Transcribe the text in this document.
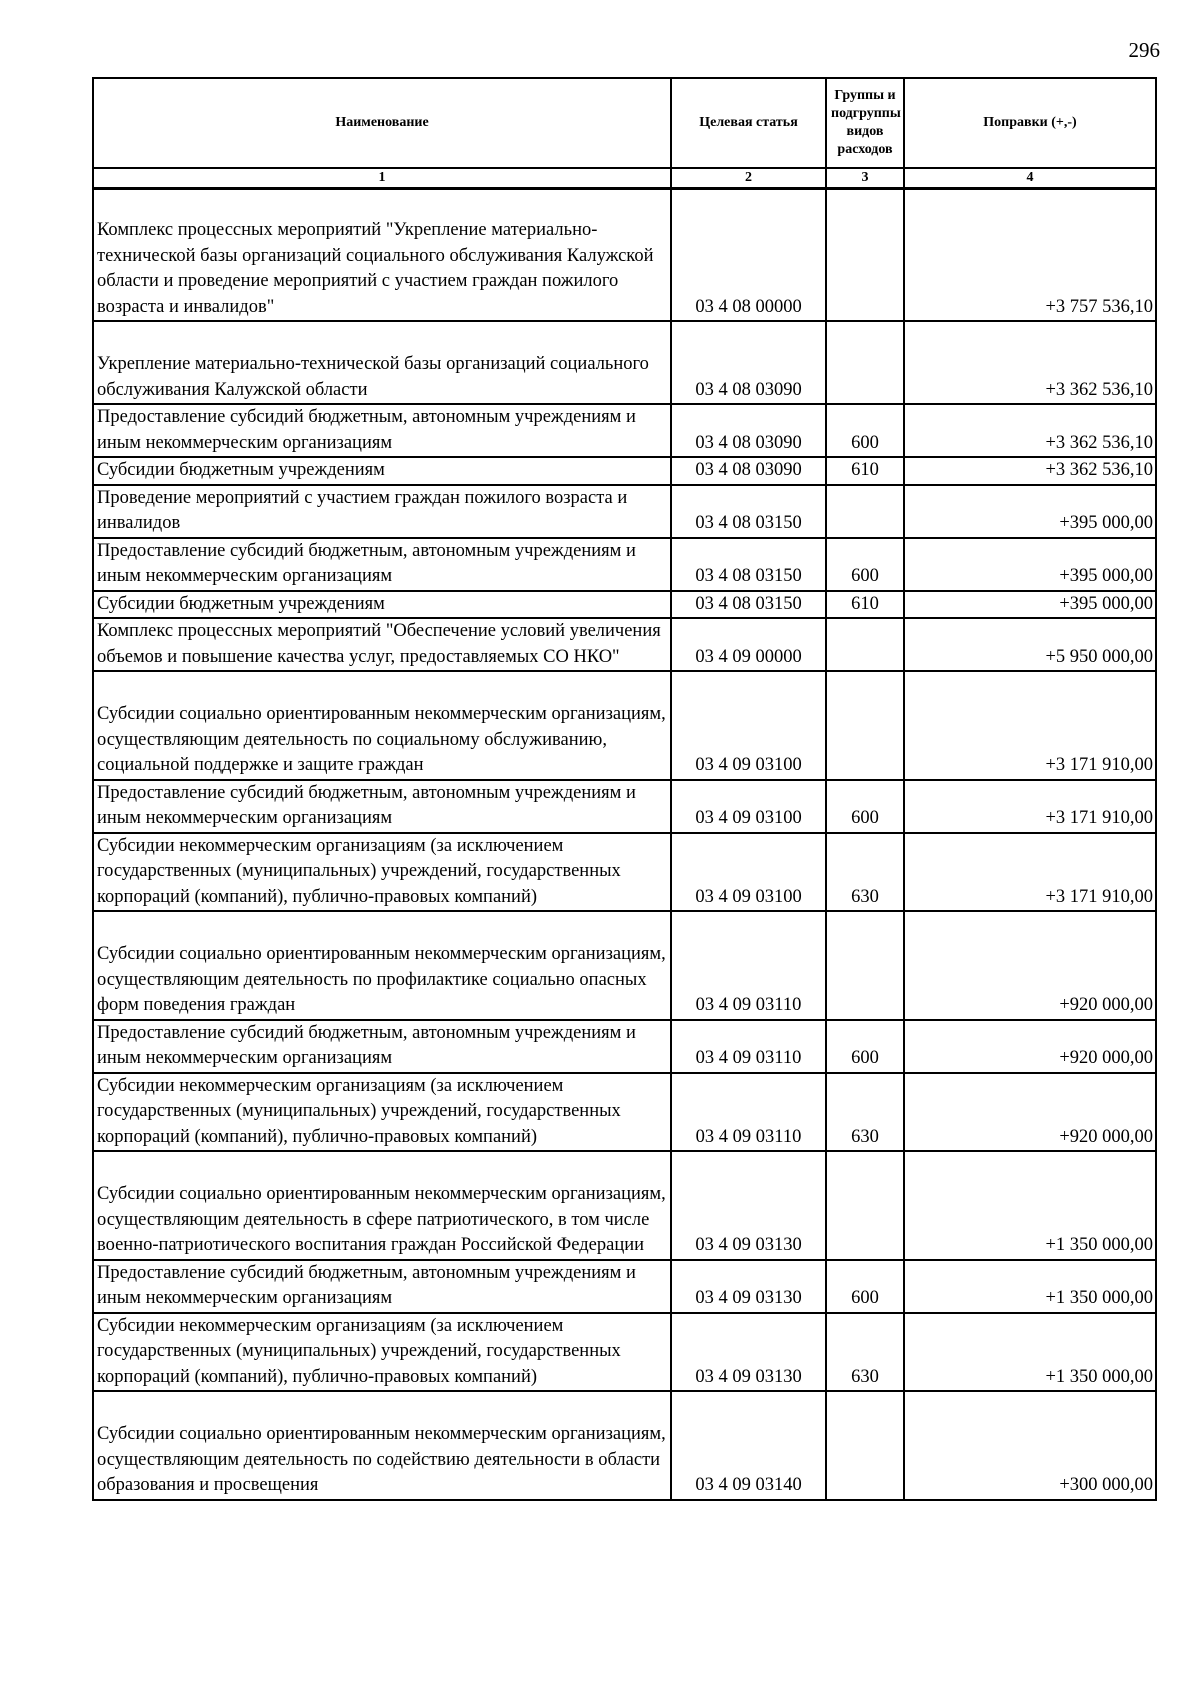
296
Наименование	Целевая статья	Группы и подгруппы видов расходов	Поправки (+,-)
1	2	3	4
Комплекс процессных мероприятий "Укрепление материально-технической базы организаций социального обслуживания Калужской области и проведение мероприятий с участием граждан пожилого возраста и инвалидов"	03 4 08 00000		+3 757 536,10
Укрепление материально-технической базы организаций социального обслуживания Калужской области	03 4 08 03090		+3 362 536,10
Предоставление субсидий бюджетным, автономным учреждениям и иным некоммерческим организациям	03 4 08 03090	600	+3 362 536,10
Субсидии бюджетным учреждениям	03 4 08 03090	610	+3 362 536,10
Проведение мероприятий с участием граждан пожилого возраста и инвалидов	03 4 08 03150		+395 000,00
Предоставление субсидий бюджетным, автономным учреждениям и иным некоммерческим организациям	03 4 08 03150	600	+395 000,00
Субсидии бюджетным учреждениям	03 4 08 03150	610	+395 000,00
Комплекс процессных мероприятий "Обеспечение условий увеличения объемов и повышение качества услуг, предоставляемых СО НКО"	03 4 09 00000		+5 950 000,00
Субсидии социально ориентированным некоммерческим организациям, осуществляющим деятельность по социальному обслуживанию, социальной поддержке и защите граждан	03 4 09 03100		+3 171 910,00
Предоставление субсидий бюджетным, автономным учреждениям и иным некоммерческим организациям	03 4 09 03100	600	+3 171 910,00
Субсидии некоммерческим организациям (за исключением государственных (муниципальных) учреждений, государственных корпораций (компаний), публично-правовых компаний)	03 4 09 03100	630	+3 171 910,00
Субсидии социально ориентированным некоммерческим организациям, осуществляющим деятельность по профилактике социально опасных форм поведения граждан	03 4 09 03110		+920 000,00
Предоставление субсидий бюджетным, автономным учреждениям и иным некоммерческим организациям	03 4 09 03110	600	+920 000,00
Субсидии некоммерческим организациям (за исключением государственных (муниципальных) учреждений, государственных корпораций (компаний), публично-правовых компаний)	03 4 09 03110	630	+920 000,00
Субсидии социально ориентированным некоммерческим организациям, осуществляющим деятельность в сфере патриотического, в том числе военно-патриотического воспитания граждан Российской Федерации	03 4 09 03130		+1 350 000,00
Предоставление субсидий бюджетным, автономным учреждениям и иным некоммерческим организациям	03 4 09 03130	600	+1 350 000,00
Субсидии некоммерческим организациям (за исключением государственных (муниципальных) учреждений, государственных корпораций (компаний), публично-правовых компаний)	03 4 09 03130	630	+1 350 000,00
Субсидии социально ориентированным некоммерческим организациям, осуществляющим деятельность по содействию деятельности в области образования и просвещения	03 4 09 03140		+300 000,00
